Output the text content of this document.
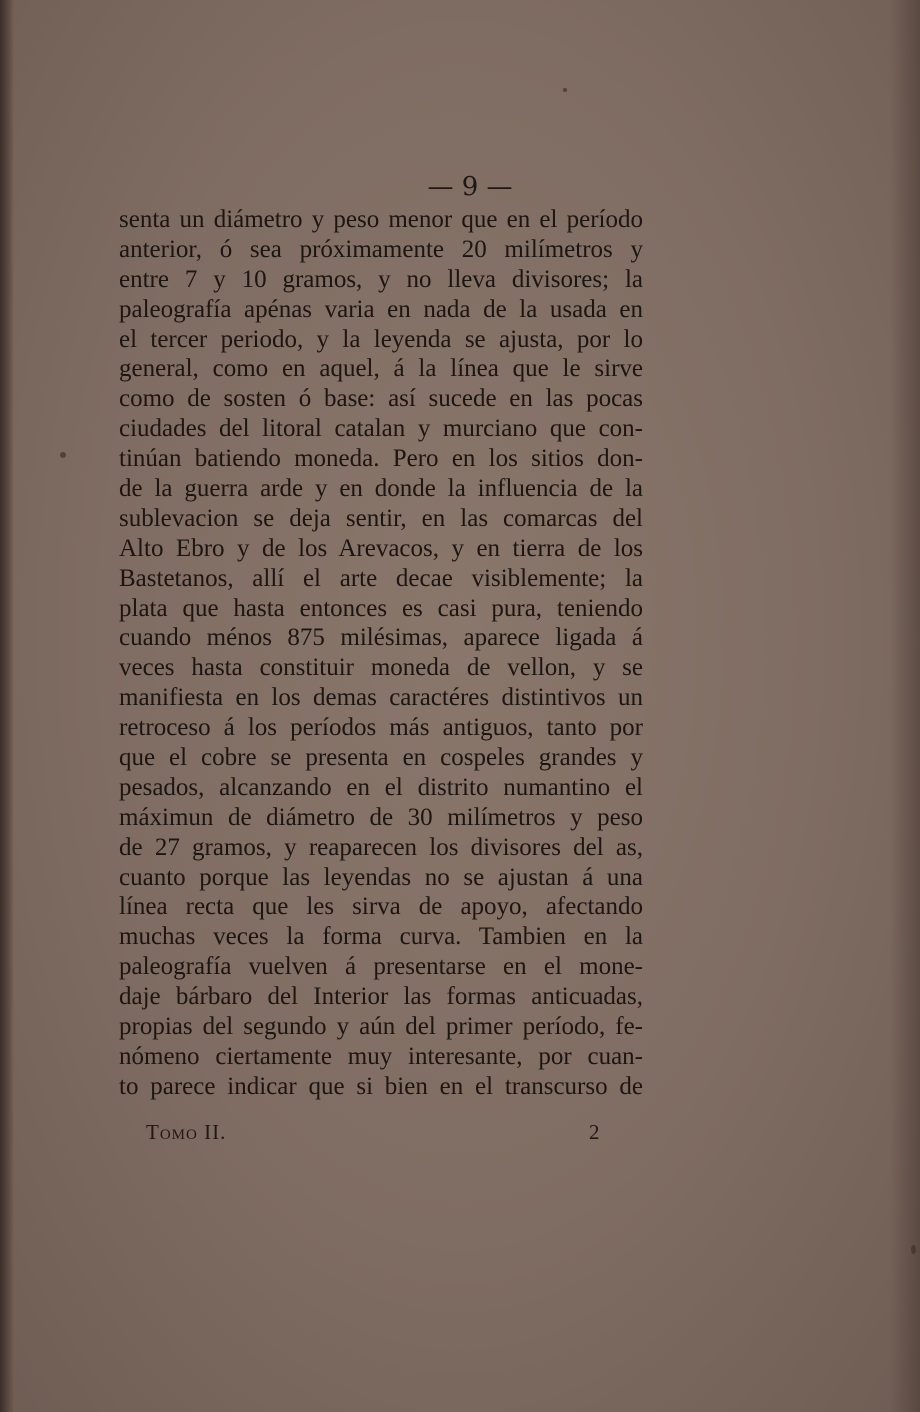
— 9 —
senta un diámetro y peso menor que en el período
anterior, ó sea próximamente 20 milímetros y
entre 7 y 10 gramos, y no lleva divisores; la
paleografía apénas varia en nada de la usada en
el tercer periodo, y la leyenda se ajusta, por lo
general, como en aquel, á la línea que le sirve
como de sosten ó base: así sucede en las pocas
ciudades del litoral catalan y murciano que con-
tinúan batiendo moneda. Pero en los sitios don-
de la guerra arde y en donde la influencia de la
sublevacion se deja sentir, en las comarcas del
Alto Ebro y de los Arevacos, y en tierra de los
Bastetanos, allí el arte decae visiblemente; la
plata que hasta entonces es casi pura, teniendo
cuando ménos 875 milésimas, aparece ligada á
veces hasta constituir moneda de vellon, y se
manifiesta en los demas caractéres distintivos un
retroceso á los períodos más antiguos, tanto por
que el cobre se presenta en cospeles grandes y
pesados, alcanzando en el distrito numantino el
máximun de diámetro de 30 milímetros y peso
de 27 gramos, y reaparecen los divisores del as,
cuanto porque las leyendas no se ajustan á una
línea recta que les sirva de apoyo, afectando
muchas veces la forma curva. Tambien en la
paleografía vuelven á presentarse en el mone-
daje bárbaro del Interior las formas anticuadas,
propias del segundo y aún del primer período, fe-
nómeno ciertamente muy interesante, por cuan-
to parece indicar que si bien en el transcurso de
Tomo II.	2
